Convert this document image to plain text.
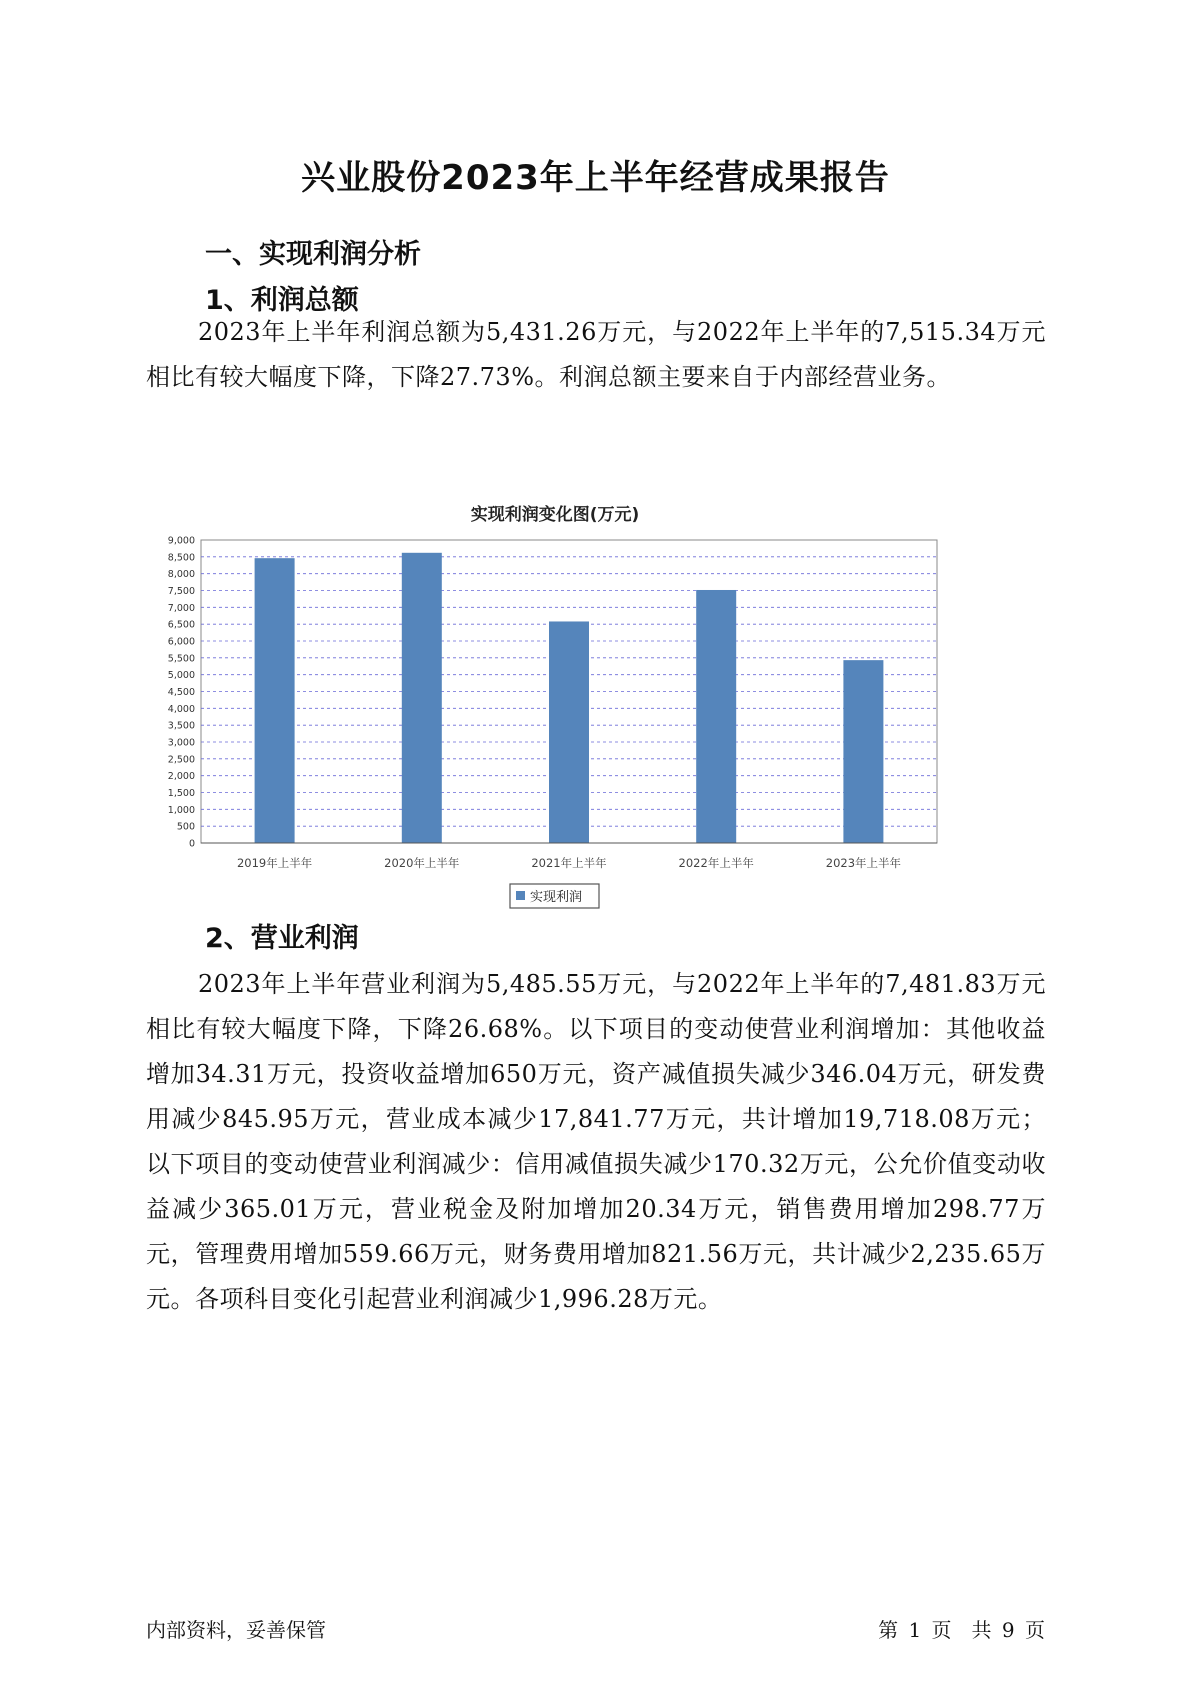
兴业股份2023年上半年经营成果报告
一、实现利润分析
1、利润总额

2023年上半年利润总额为5,431.26万元，与2022年上半年的7,515.34万元相比有较大幅度下降，下降27.73%。利润总额主要来自于内部经营业务。

实现利润变化图(万元)
0
500
1,000
1,500
2,000
2,500
3,000
3,500
4,000
4,500
5,000
5,500
6,000
6,500
7,000
7,500
8,000
8,500
9,000
2019年上半年	2020年上半年	2021年上半年	2022年上半年	2023年上半年
实现利润
2、营业利润

2023年上半年营业利润为5,485.55万元，与2022年上半年的7,481.83万元相比有较大幅度下降，下降26.68%。以下项目的变动使营业利润增加：其他收益增加34.31万元，投资收益增加650万元，资产减值损失减少346.04万元，研发费用减少845.95万元，营业成本减少17,841.77万元，共计增加19,718.08万元；以下项目的变动使营业利润减少：信用减值损失减少170.32万元，公允价值变动收益减少365.01万元，营业税金及附加增加20.34万元，销售费用增加298.77万元，管理费用增加559.66万元，财务费用增加821.56万元，共计减少2,235.65万元。各项科目变化引起营业利润减少1,996.28万元。

内部资料，妥善保管	第 1 页　共 9 页
